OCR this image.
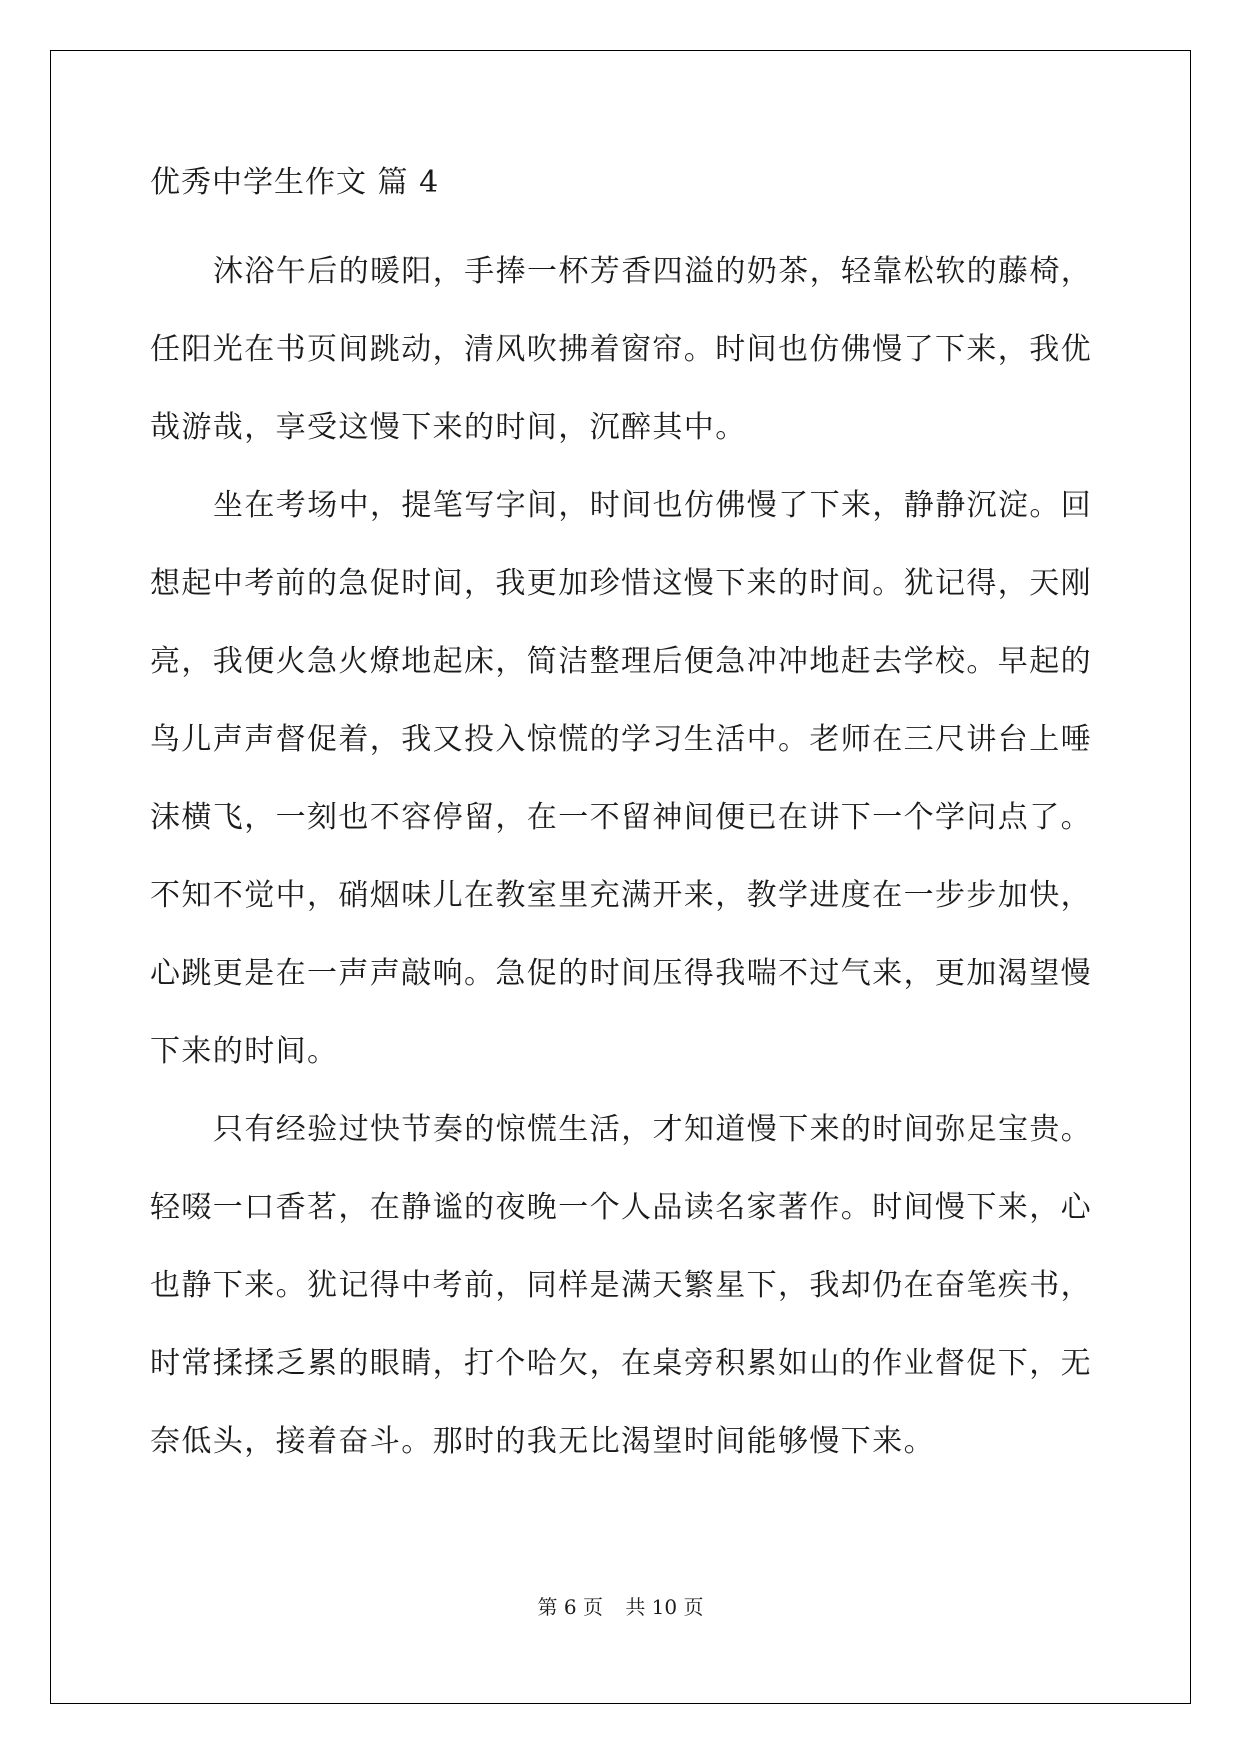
优秀中学生作文 篇 4
沐浴午后的暖阳，手捧一杯芳香四溢的奶茶，轻靠松软的藤椅，
任阳光在书页间跳动，清风吹拂着窗帘。时间也仿佛慢了下来，我优
哉游哉，享受这慢下来的时间，沉醉其中。
坐在考场中，提笔写字间，时间也仿佛慢了下来，静静沉淀。回
想起中考前的急促时间，我更加珍惜这慢下来的时间。犹记得，天刚
亮，我便火急火燎地起床，简洁整理后便急冲冲地赶去学校。早起的
鸟儿声声督促着，我又投入惊慌的学习生活中。老师在三尺讲台上唾
沫横飞，一刻也不容停留，在一不留神间便已在讲下一个学问点了。
不知不觉中，硝烟味儿在教室里充满开来，教学进度在一步步加快，
心跳更是在一声声敲响。急促的时间压得我喘不过气来，更加渴望慢
下来的时间。
只有经验过快节奏的惊慌生活，才知道慢下来的时间弥足宝贵。
轻啜一口香茗，在静谧的夜晚一个人品读名家著作。时间慢下来，心
也静下来。犹记得中考前，同样是满天繁星下，我却仍在奋笔疾书，
时常揉揉乏累的眼睛，打个哈欠，在桌旁积累如山的作业督促下，无
奈低头，接着奋斗。那时的我无比渴望时间能够慢下来。
第 6 页 共 10 页
